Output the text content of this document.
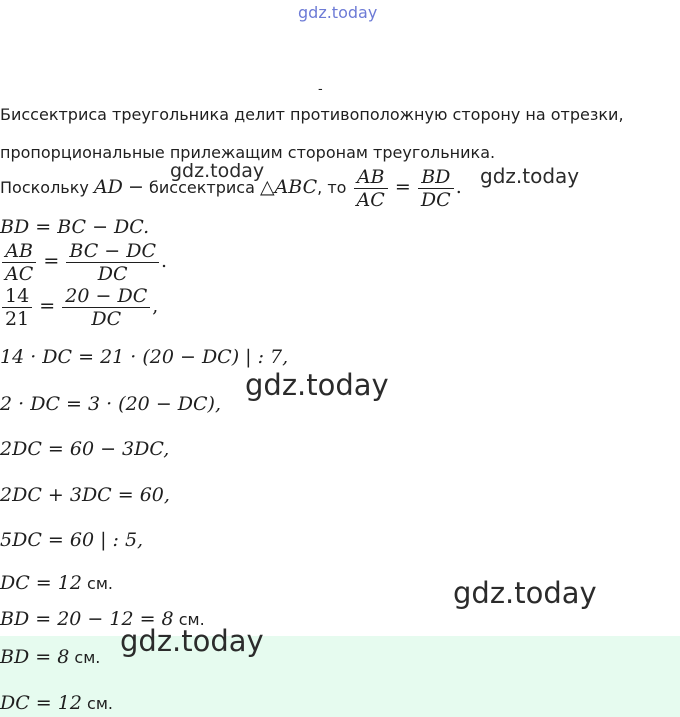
gdz.today
-
Биссектриса треугольника делит противоположную сторону на отрезки,
пропорциональные прилежащим сторонам треугольника.
Поскольку AD − биссектриса △ABC, то $\frac{AB}{AC} = \frac{BD}{DC}$ .
BD = BC − DC.
$\frac{AB}{AC} = \frac{BC - DC}{DC}$ .
$\frac{14}{21} = \frac{20 - DC}{DC}$ ,
14 · DC = 21 · (20 − DC) | : 7,
2 · DC = 3 · (20 − DC),
2DC = 60 − 3DC,
2DC + 3DC = 60,
5DC = 60 | : 5,
DC = 12 см.
BD = 20 − 12 = 8 см.
BD = 8 см.
DC = 12 см.
gdz.today	gdz.today
gdz.today
gdz.today
gdz.today
